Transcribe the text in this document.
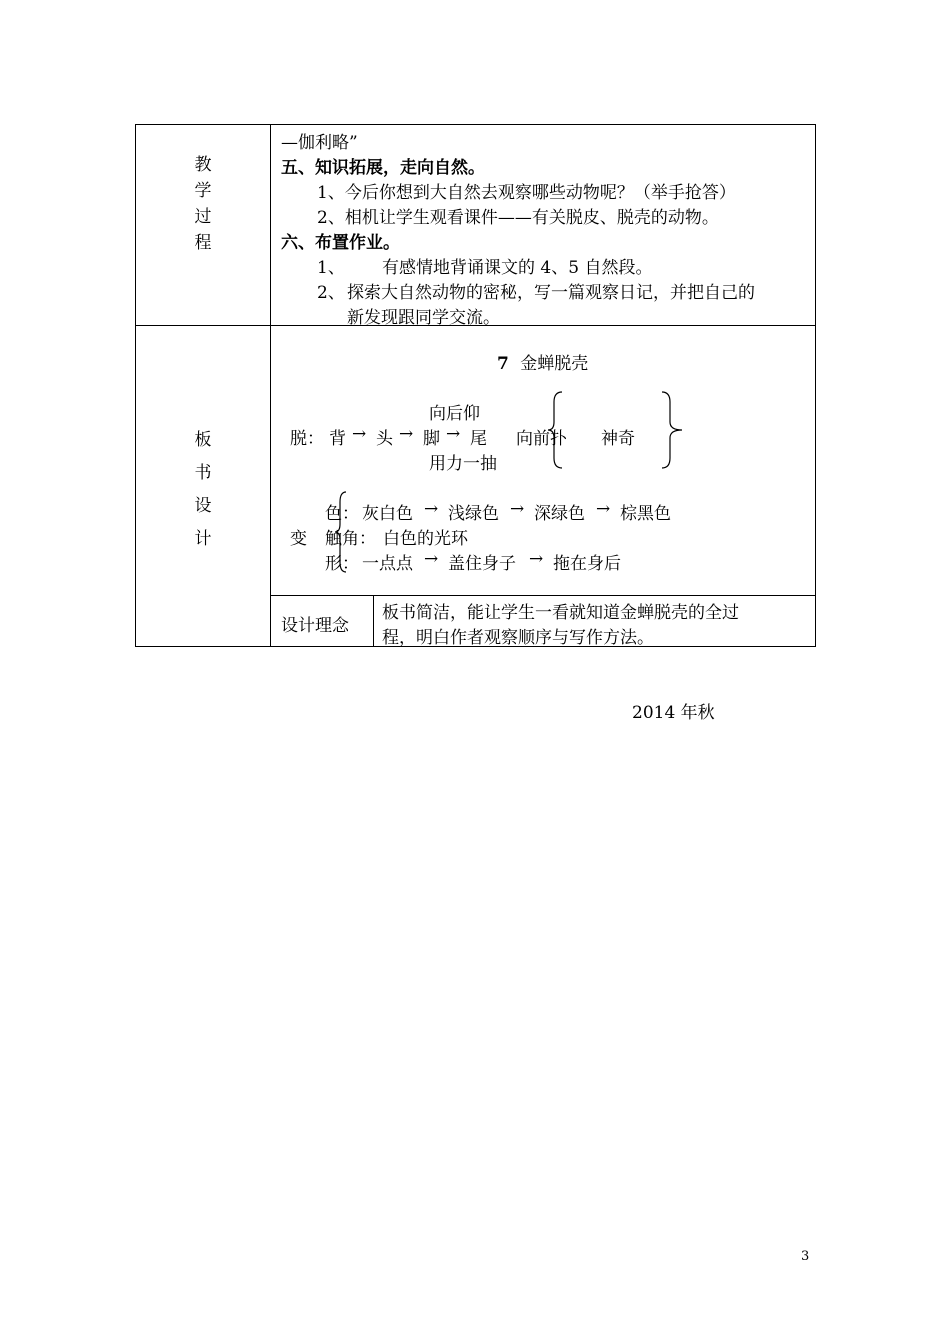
教
学
过
程
—伽利略”
五、知识拓展，走向自然。
1、今后你想到大自然去观察哪些动物呢？（举手抢答）
2、相机让学生观看课件——有关脱皮、脱壳的动物。
六、布置作业。
1、 有感情地背诵课文的 4、5 自然段。
2、 探索大自然动物的密秘，写一篇观察日记，并把自己的
新发现跟同学交流。
板
书
设
计
7 金蝉脱壳
脱： 背 → 头 → 脚 → 尾
向后仰
向前扑
用力一抽
神奇
变
色： 灰白色 → 浅绿色 → 深绿色 → 棕黑色
触角： 白色的光环
形： 一点点 → 盖住身子 → 拖在身后
设计理念
板书简洁，能让学生一看就知道金蝉脱壳的全过
程，明白作者观察顺序与写作方法。
2014 年秋
3
